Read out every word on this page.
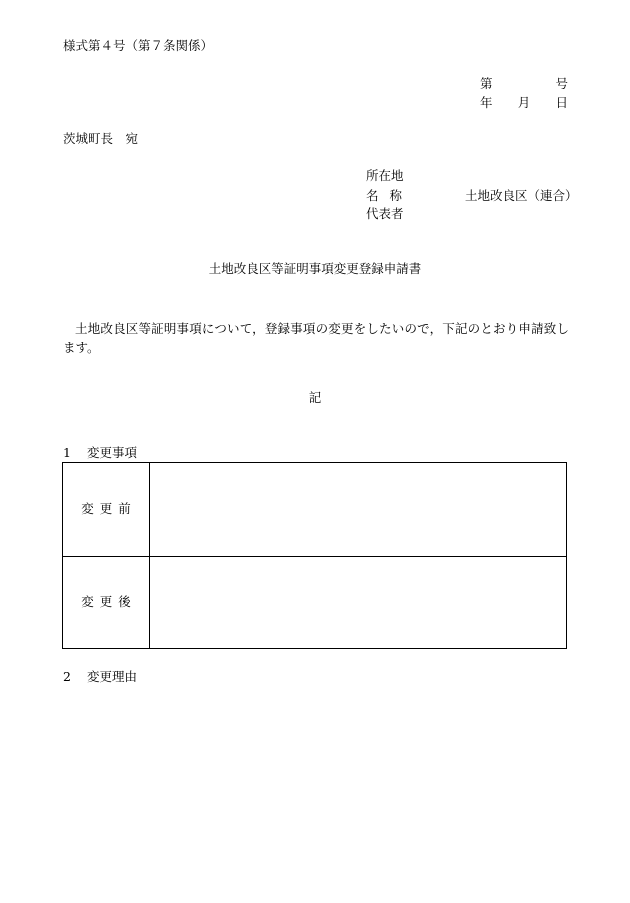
様式第４号（第７条関係）
第	号
年 月 日
茨城町長　宛
所在地
名 称	土地改良区（連合）
代表者
土地改良区等証明事項変更登録申請書
土地改良区等証明事項について，登録事項の変更をしたいので，下記のとおり申請致します。
記
1 変更事項
変更前
変更後
2 変更理由
